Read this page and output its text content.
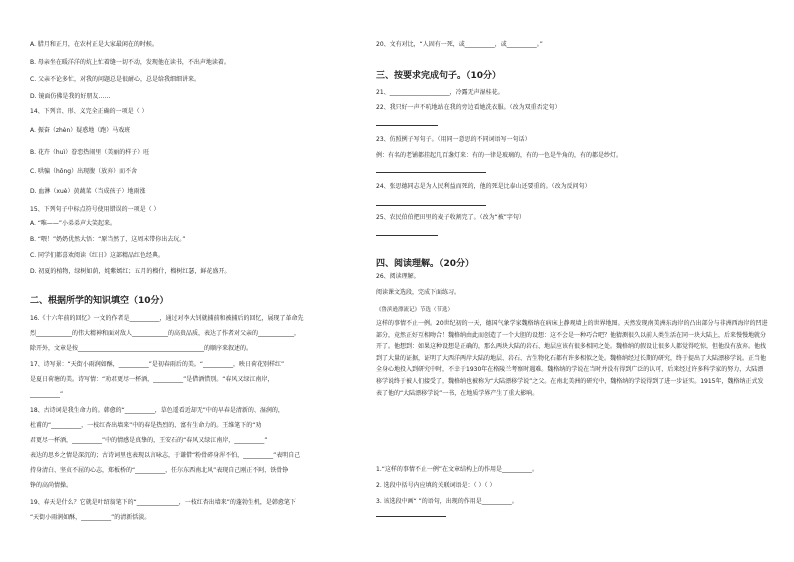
A. 腊月和正月，在农村正是大家最闲在的时候。
B. 母亲坐在暖洋洋的炕上忙着缝一切不动，发现他在读书，不出声地读着。
C. 父亲不论多忙，对我的问题总是很耐心，总是给我细细讲来。
D. 镜面仿佛是我的好朋友……
14、下列音、形、义完全正确的一项是（ ）
A. 振奋（zhèn）疑惑地（跑）马戏班
B. 花卉（huì）眷恋热闹里（美丽的样子）旺
C. 哄骗（hōng）出现腹（放弃）而不舍
D. 血淋（xuè）黄蔬菜（当成孩子）地雨涨
15、下列句子中标点符号使用错误的一项是（ ）
A. “唯——”小弟弟声大笑起来。
B. “喂！”奶奶优然大悟：“原当然了，这周末带你出去玩。”
C. 同学们都喜欢阅读《红日》这部精品红色经典。
D. 初夏的植物，绿树如荫，姹紫嫣红；五月的榴什，榴树红瑟，鲜花盛开。
二、根据所学的知识填空（10分）
16.《十六年前的回忆》一文的作者是__________，通过对李大钊就捕前和被捕后的回忆，展现了革命先
烈____________的伟大精神和面对敌人____________的高贵品质，表达了作者对父亲的____________，
除开外，文章是按__________________________________________的顺序来叙述的。
17、诗写景：“天街小雨润如酥，__________”是初春雨后的美。“__________，映日荷花别样红”
是夏日荷塘的美。诗写情：“劝君更尽一杯酒，__________”是借酒惜别。“春风又绿江南岸，
__________”
18、古诗词是我生命力的。韩愈的“__________，草色遥看近却无”中的早春是清新的、湿润的，
杜甫的“__________，一枝红杏出墙来”中的春是热烈的、富有生命力的。王维笔下的“劝
君更尽一杯酒，__________”中的情感是真挚的，王安石的“春风又绿江南岸，__________”
表达的思乡之情是深沉的；古诗词里也表现以言咏志，于谦借“粉骨碎身浑不怕，__________”表明自己
持身清白、坚贞不屈的心志，郑板桥的“__________，任尔东西南北风”表现自己刚正不阿、铁骨铮
铮的高尚情操。
19、春天是什么？它就是叶绍翁笔下的“______________，一枝红杏出墙来”的蓬勃生机，是韩愈笔下
“天街小雨润如酥，__________”的清新恬淡。
20、文有对比，“人固有一死，或__________，或__________。”
三、按要求完成句子。（10分）
21、____________________，冷露无声湿桂花。
22、我只好一声不吭地站在我的旁边看她洗衣服。（改为双重否定句）
23、仿照例子写句子。（用同一意思的不同词语写一句话）
例：有名的老铺都挂起几百盏灯来：有的一律是玻璃的，有的一色是牛角的，有的都是纱灯。
24、张思德同志是为人民利益而死的，他的死是比泰山还要重的。（改为反问句）
25、农民伯伯把田里的麦子收割完了。（改为“被”字句）
四、阅读理解。（20分）
26、阅读理解。
阅读课文选段，完成下面练习。
《鲁滨逊漂流记》节选（节选）
这样的事情不止一例。20世纪初的一天，德国气象学家魏格纳在病床上静观墙上的世界地图。天然发现南美洲东海岸的凸出部分与非洲西海岸的凹进部分，竟然正好互相吻合！魏格纳由此而创造了一个大胆的设想：这不会是一种巧合吧？他猜测很久以前人类生活在同一块大陆上，后来慢慢地就分开了。他想到：如果这种设想是正确的，那么两块大陆的岩石、地层应该有很多相同之处。魏格纳的假设让很多人都觉得吃惊，但他没有放弃。他找到了大量的证据，证明了大西洋两岸大陆的地层、岩石、古生物化石都有许多相似之处。魏格纳经过长期的研究，终于提出了大陆漂移学说。正当他全身心地投入到研究中时，不幸于1930年在格陵兰考察时遇难。魏格纳的学说在当时并没有得到广泛的认可，后来经过许多科学家的努力，大陆漂移学说终于被人们接受了，魏格纳也被称为“大陆漂移学说”之父。在南北美洲的研究中，魏格纳的学说得到了进一步证实。1915年，魏格纳正式发表了他的“大陆漂移学说”一书，在地质学界产生了重大影响。
1.“这样的事情不止一例”在文章结构上的作用是__________。
2. 选段中括号内应填的关联词语是：（ ）（ ）
3. 该选段中画“ ”的语句，出现的作用是__________。
